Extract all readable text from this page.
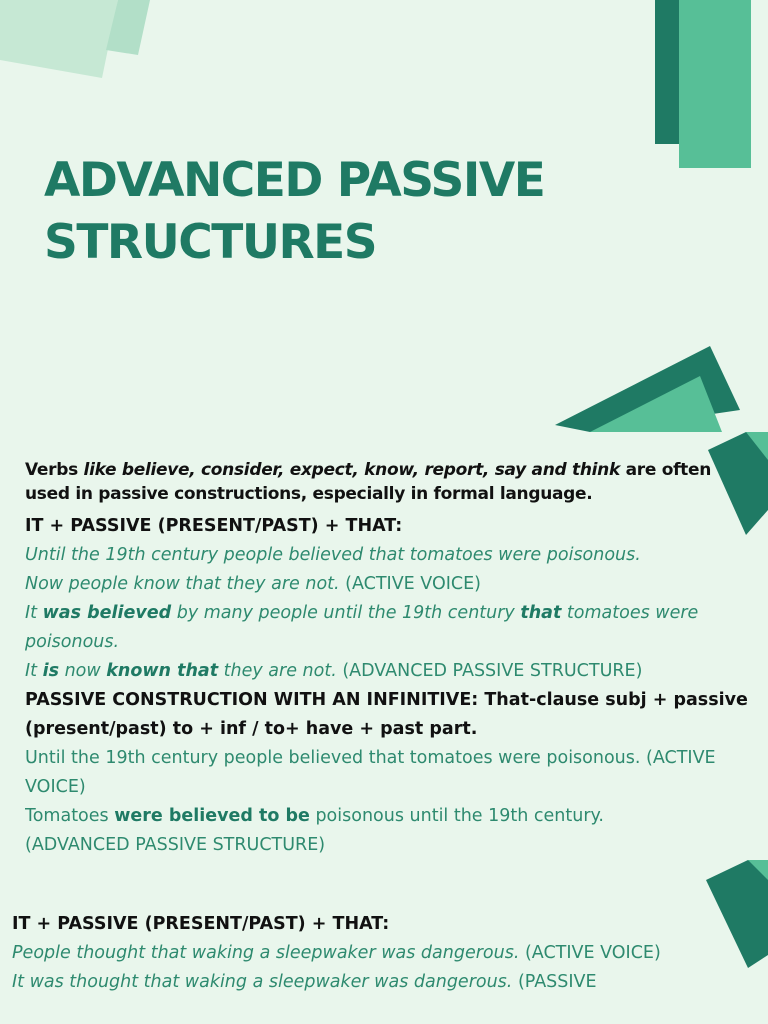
ADVANCED PASSIVE
STRUCTURES

Verbs like believe, consider, expect, know, report, say and think are often used in passive constructions, especially in formal language.

IT + PASSIVE (PRESENT/PAST) + THAT:

Until the 19th century people believed that tomatoes were poisonous.

Now people know that they are not. (ACTIVE VOICE)

It was believed by many people until the 19th century that tomatoes were poisonous.

It is now known that they are not. (ADVANCED PASSIVE STRUCTURE)

PASSIVE CONSTRUCTION WITH AN INFINITIVE: That-clause subj + passive (present/past) to + inf / to+ have + past part.

Until the 19th century people believed that tomatoes were poisonous. (ACTIVE VOICE)

Tomatoes were believed to be poisonous until the 19th century.

(ADVANCED PASSIVE STRUCTURE)

IT + PASSIVE (PRESENT/PAST) + THAT:

People thought that waking a sleepwaker was dangerous. (ACTIVE VOICE)

It was thought that waking a sleepwaker was dangerous. (PASSIVE
